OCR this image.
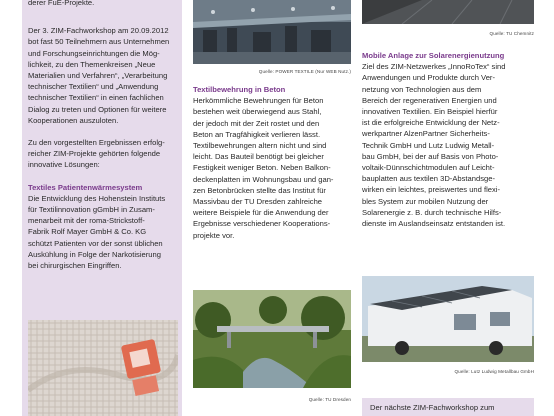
derer FuE-Projekte.

Der 3. ZIM-Fachworkshop am 20.09.2012
bot fast 50 Teilnehmern aus Unternehmen
und Forschungseinrichtungen die Mög-
lichkeit, zu den Themenkreisen „Neue
Materialien und Verfahren“, „Verarbeitung
technischer Textilien“ und „Anwendung
technischer Textilien“ in einen fachlichen
Dialog zu treten und Optionen für weitere
Kooperationen auszuloten.

Zu den vorgestellten Ergebnissen erfolg-
reicher ZIM-Projekte gehörten folgende
innovative Lösungen:

Textiles Patientenwärmesystem

Die Entwicklung des Hohenstein Instituts
für Textilinnovation gGmbH in Zusam-
menarbeit mit der roma-Strickstoff-
Fabrik Rolf Mayer GmbH & Co. KG
schützt Patienten vor der sonst üblichen
Auskühlung in Folge der Narkotisierung
bei chirurgischen Eingriffen.

Quelle: POWER TEXTILE (Nur WEB Nutz.)

Textilbewehrung in Beton

Herkömmliche Bewehrungen für Beton
bestehen weit überwiegend aus Stahl,
der jedoch mit der Zeit rostet und den
Beton an Tragfähigkeit verlieren lässt.
Textilbewehrungen altern nicht und sind
leicht. Das Bauteil benötigt bei gleicher
Festigkeit weniger Beton. Neben Balkon-
deckenplatten im Wohnungsbau und gan-
zen Betonbrücken stellte das Institut für
Massivbau der TU Dresden zahlreiche
weitere Beispiele für die Anwendung der
Ergebnisse verschiedener Kooperations-
projekte vor.

Quelle: TU Dresden
Quelle: TU Chemnitz

Mobile Anlage zur Solarenergienutzung

Ziel des ZIM-Netzwerkes „InnoRoTex“ sind
Anwendungen und Produkte durch Ver-
netzung von Technologien aus dem
Bereich der regenerativen Energien und
innovativen Textilien. Ein Beispiel hierfür
ist die erfolgreiche Entwicklung der Netz-
werkpartner AlzenPartner Sicherheits-
Technik GmbH und Lutz Ludwig Metall-
bau GmbH, bei der auf Basis von Photo-
voltaik-Dünnschichtmodulen auf Leicht-
bauplatten aus textilen 3D-Abstandsge-
wirken ein leichtes, preiswertes und flexi-
bles System zur mobilen Nutzung der
Solarenergie z. B. durch technische Hilfs-
dienste im Auslandseinsatz entstanden ist.

Quelle: Lutz Ludwig Metallbau GmbH
Der nächste ZIM-Fachworkshop zum
